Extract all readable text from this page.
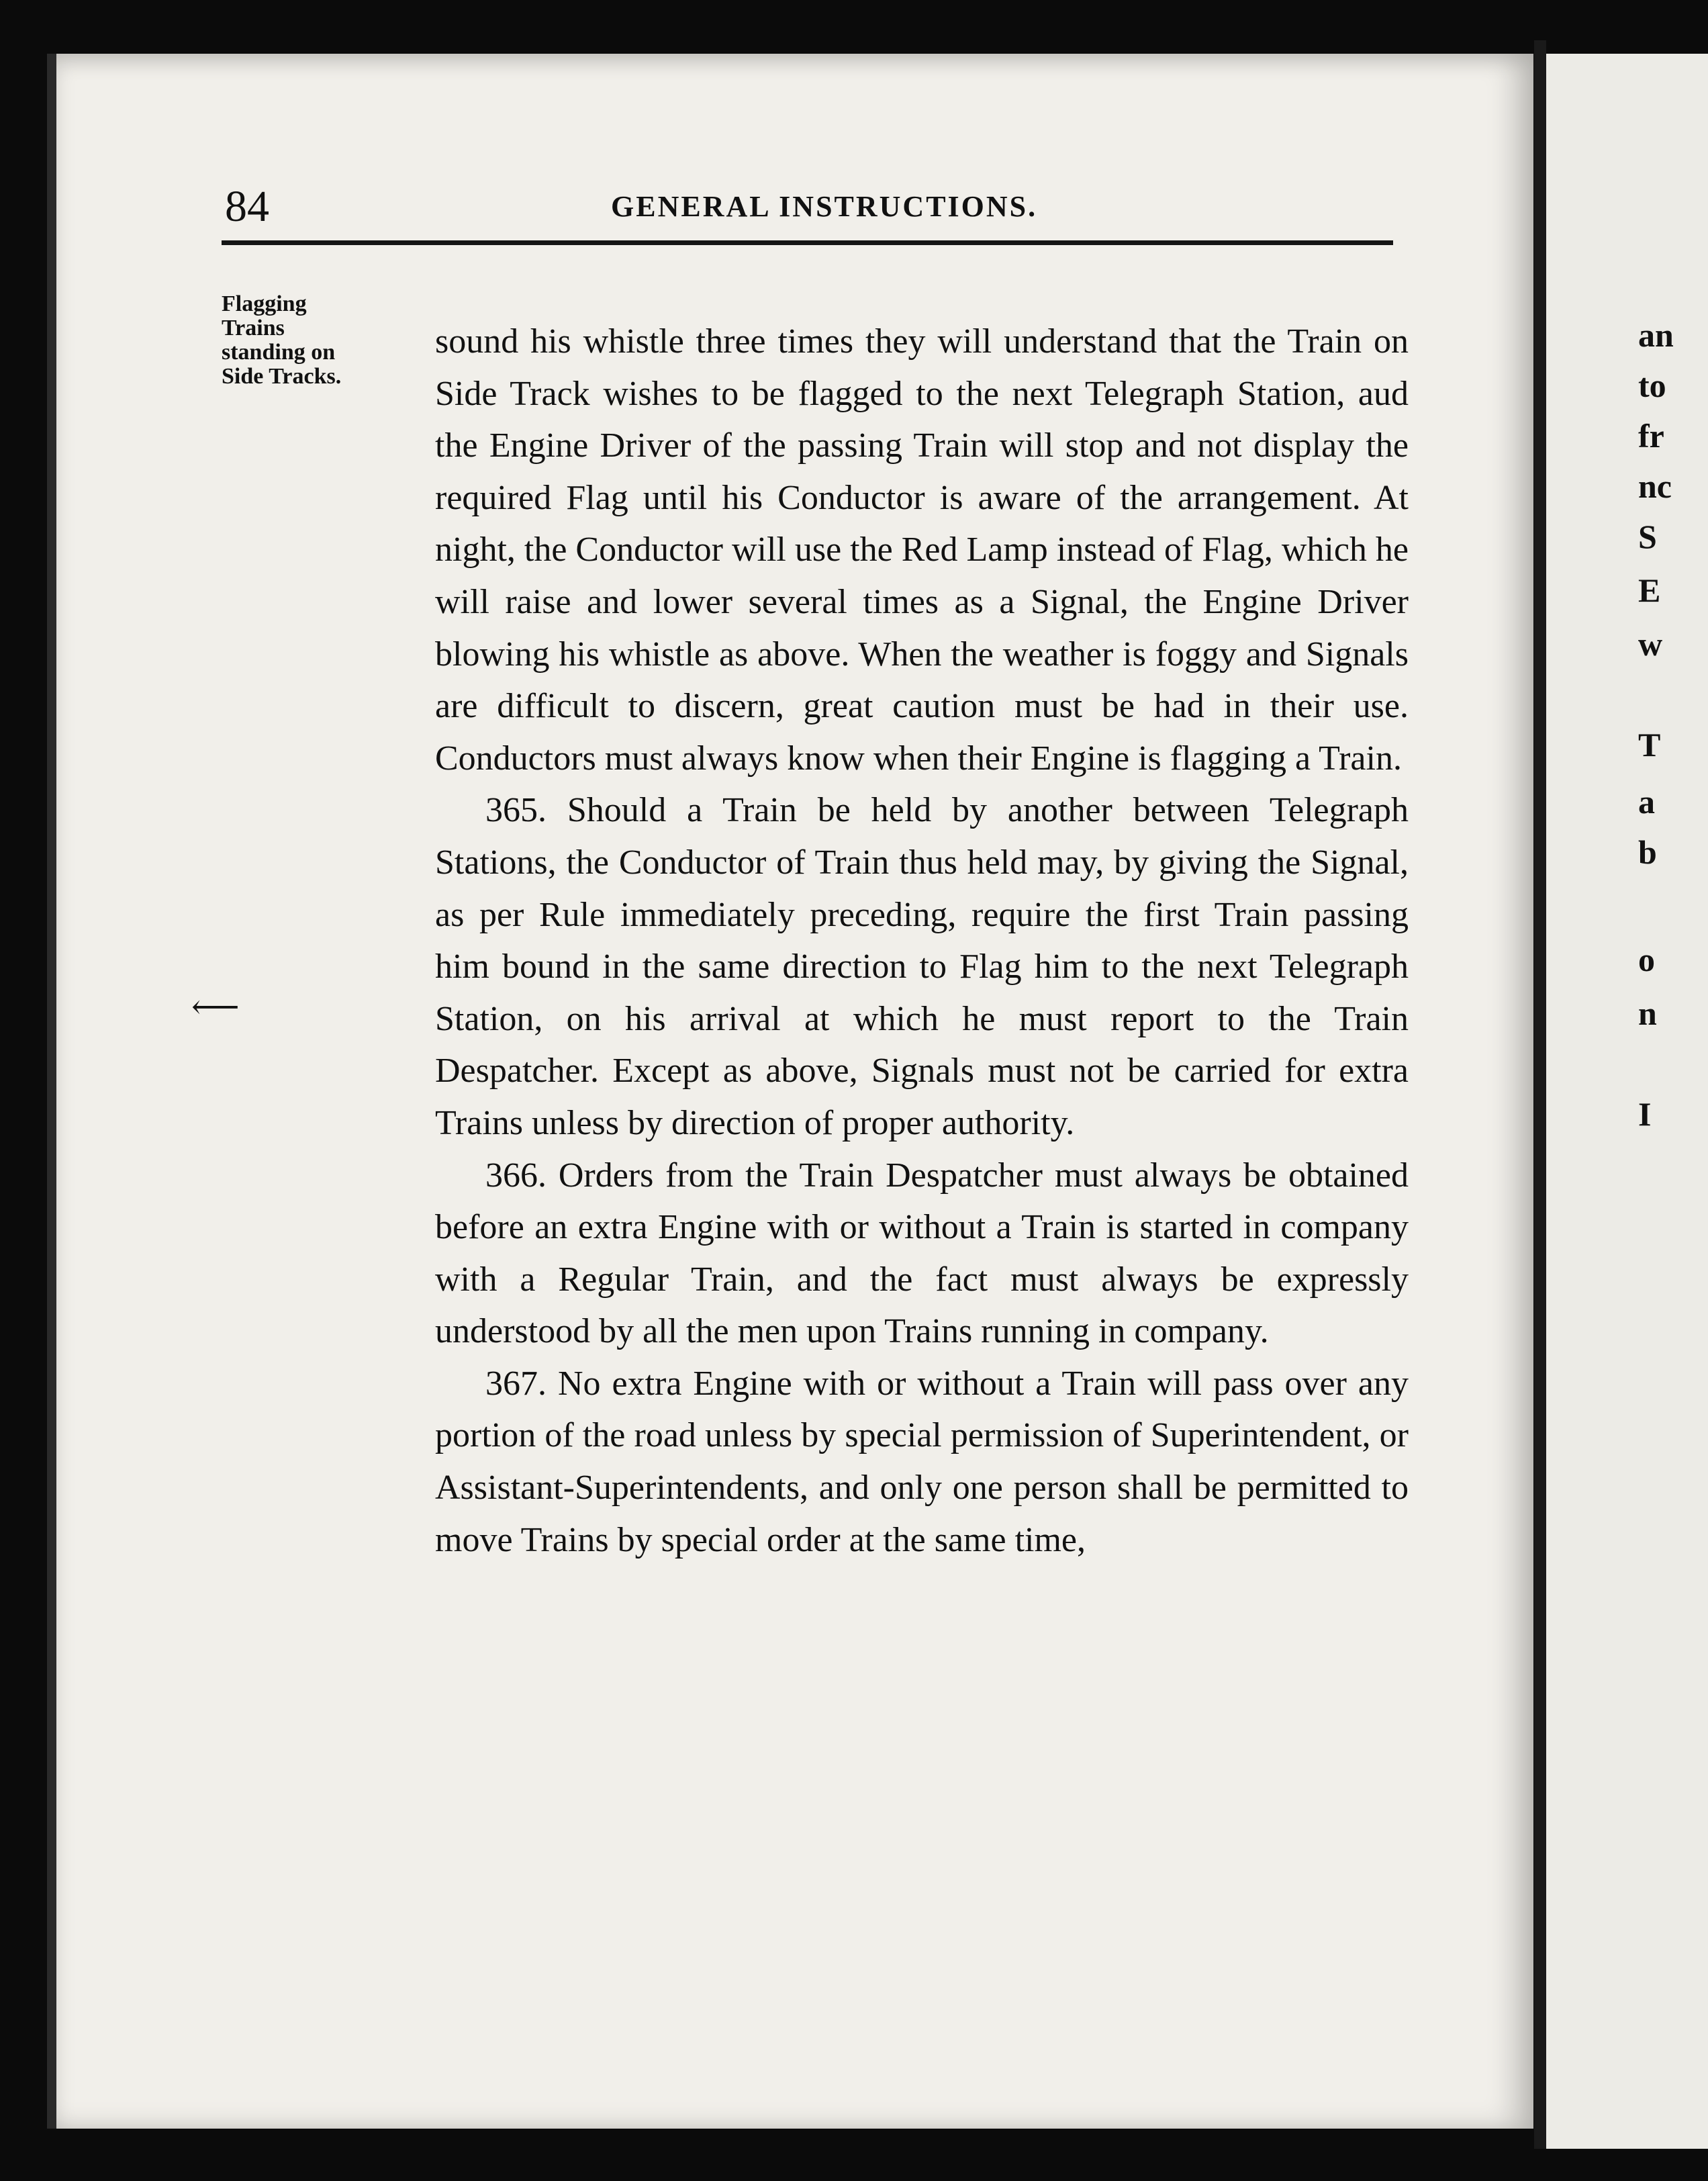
84	GENERAL INSTRUCTIONS.
Flagging
Trains
standing on
Side Tracks.
⟵

sound his whistle three times they will understand that the Train on Side Track wishes to be flagged to the next Telegraph Station, aud the Engine Driver of the passing Train will stop and not display the required Flag until his Conductor is aware of the arrangement. At night, the Conductor will use the Red Lamp instead of Flag, which he will raise and lower several times as a Signal, the Engine Driver blowing his whistle as above. When the weather is foggy and Signals are difficult to discern, great caution must be had in their use. Conductors must always know when their Engine is flagging a Train.

365. Should a Train be held by another between Telegraph Stations, the Conductor of Train thus held may, by giving the Signal, as per Rule immediately preceding, require the first Train passing him bound in the same direction to Flag him to the next Telegraph Station, on his arrival at which he must report to the Train Despatcher. Except as above, Signals must not be carried for extra Trains unless by direction of proper authority.

366. Orders from the Train Despatcher must always be obtained before an extra Engine with or without a Train is started in company with a Regular Train, and the fact must always be expressly understood by all the men upon Trains running in company.

367. No extra Engine with or without a Train will pass over any portion of the road unless by special permission of Superintendent, or Assistant-Superintendents, and only one person shall be permitted to move Trains by special order at the same time,

an
to
fr
nc
S
E
w
T
a
b
o
n
I
